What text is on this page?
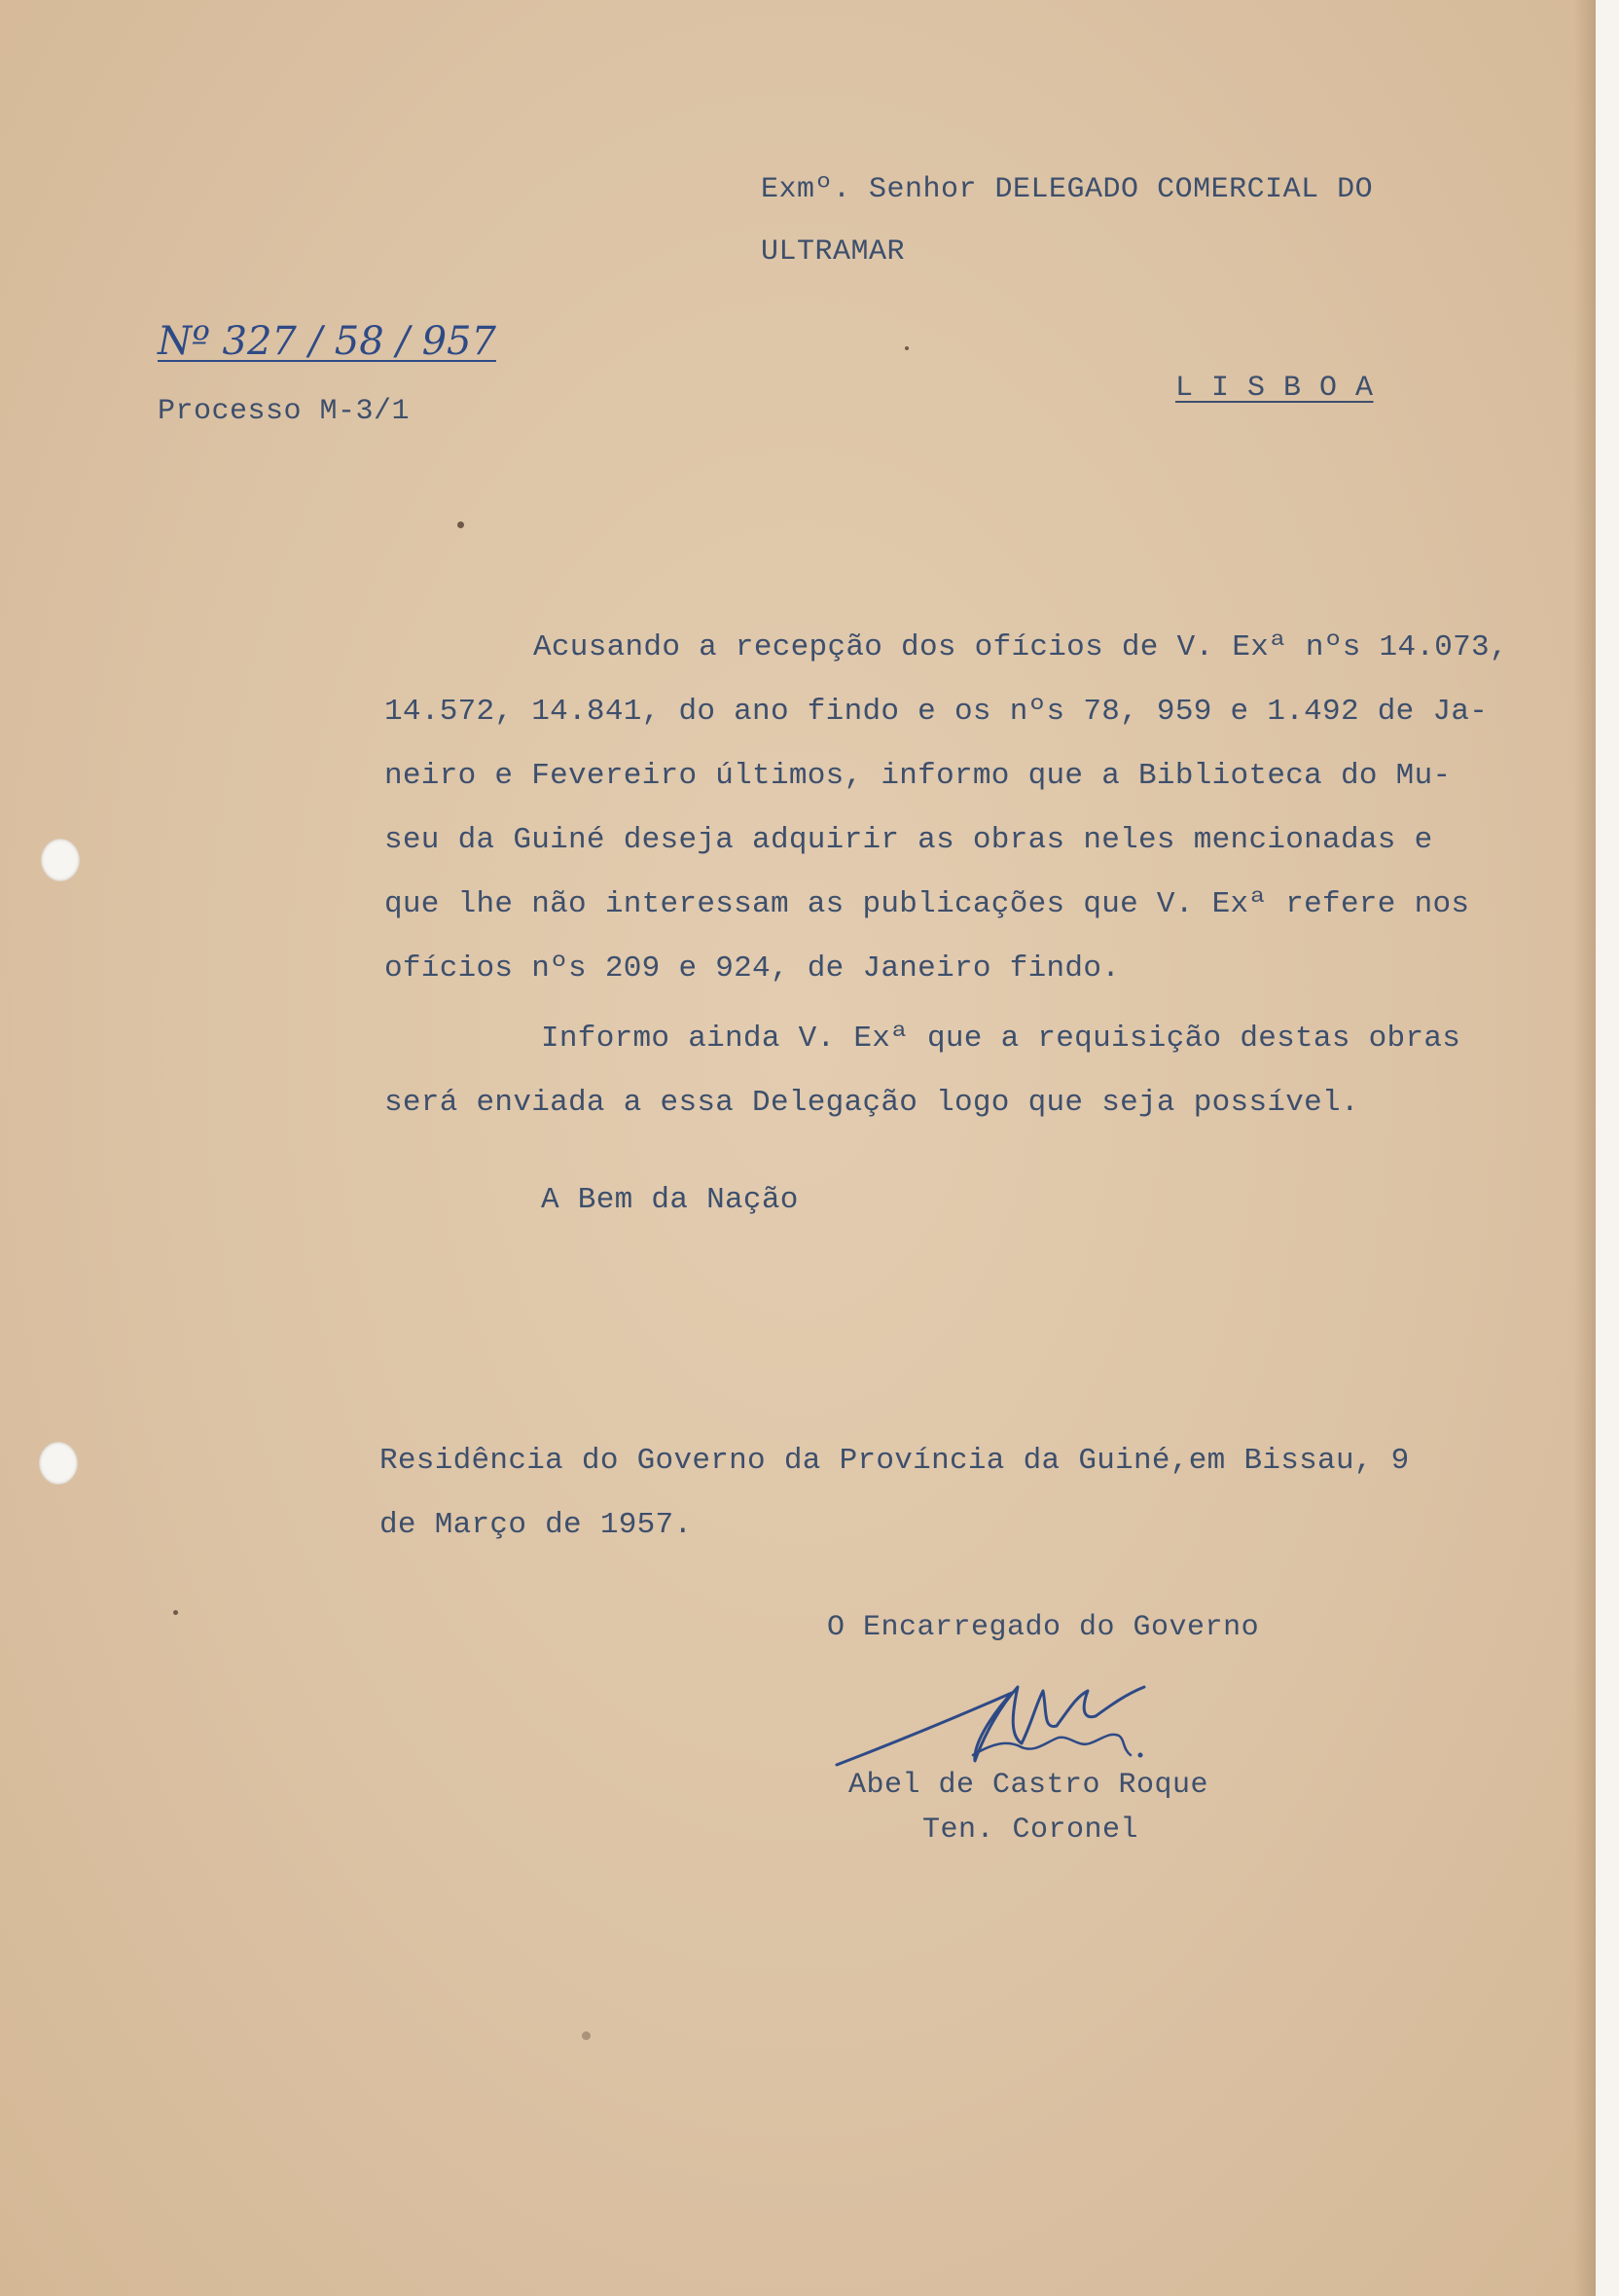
Exmº. Senhor DELEGADO COMERCIAL DO
ULTRAMAR
Nº 327 / 58 / 957
Processo M-3/1
L I S B O A
Acusando a recepção dos ofícios de V. Exª nºs 14.073,
14.572, 14.841, do ano findo e os nºs 78, 959 e 1.492 de Ja-
neiro e Fevereiro últimos, informo que a Biblioteca do Mu-
seu da Guiné deseja adquirir as obras neles mencionadas e
que lhe não interessam as publicações que V. Exª refere nos
ofícios nºs 209 e 924, de Janeiro findo.
Informo ainda V. Exª que a requisição destas obras
será enviada a essa Delegação logo que seja possível.
A Bem da Nação
Residência do Governo da Província da Guiné,em Bissau, 9
de Março de 1957.
O Encarregado do Governo
Abel de Castro Roque
Ten. Coronel
